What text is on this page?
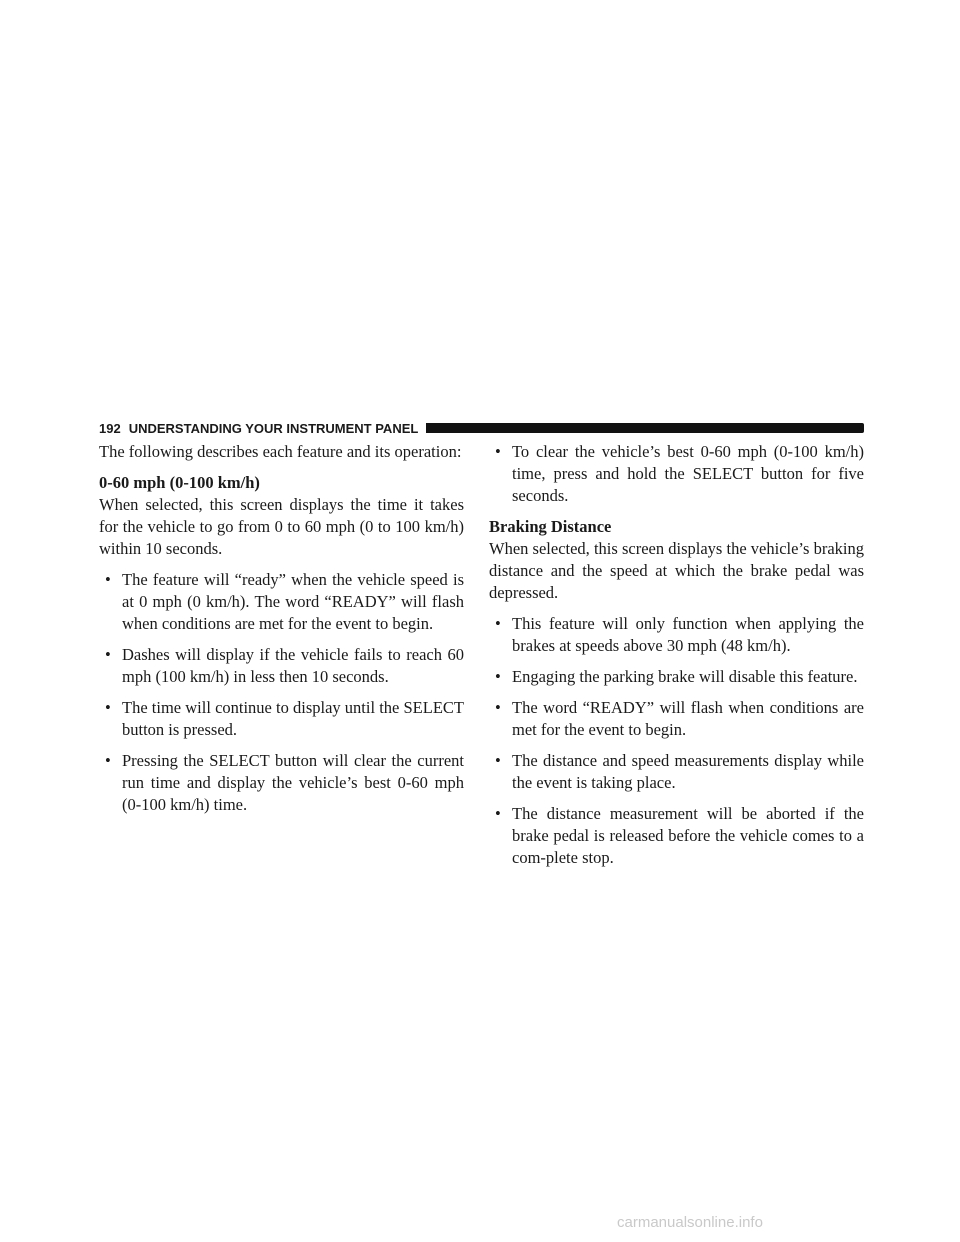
192 UNDERSTANDING YOUR INSTRUMENT PANEL

The following describes each feature and its operation:

0-60 mph (0-100 km/h)

When selected, this screen displays the time it takes for the vehicle to go from 0 to 60 mph (0 to 100 km/h) within 10 seconds.

• The feature will “ready” when the vehicle speed is at 0 mph (0 km/h). The word “READY” will flash when conditions are met for the event to begin.
• Dashes will display if the vehicle fails to reach 60 mph (100 km/h) in less then 10 seconds.
• The time will continue to display until the SELECT button is pressed.
• Pressing the SELECT button will clear the current run time and display the vehicle’s best 0-60 mph (0-100 km/h) time.
• To clear the vehicle’s best 0-60 mph (0-100 km/h) time, press and hold the SELECT button for five seconds.

Braking Distance

When selected, this screen displays the vehicle’s braking distance and the speed at which the brake pedal was depressed.

• This feature will only function when applying the brakes at speeds above 30 mph (48 km/h).
• Engaging the parking brake will disable this feature.
• The word “READY” will flash when conditions are met for the event to begin.
• The distance and speed measurements display while the event is taking place.
• The distance measurement will be aborted if the brake pedal is released before the vehicle comes to a com-plete stop.
carmanualsonline.info
